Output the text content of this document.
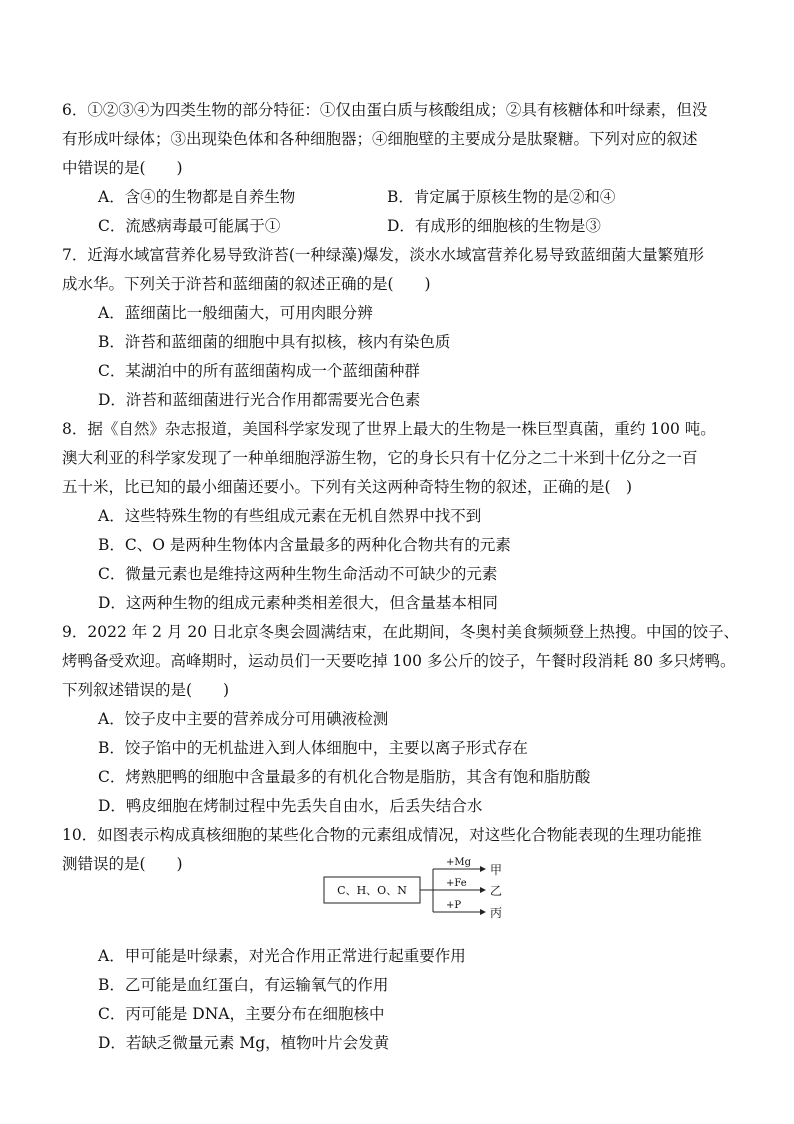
6．①②③④为四类生物的部分特征：①仅由蛋白质与核酸组成；②具有核糖体和叶绿素，但没
有形成叶绿体；③出现染色体和各种细胞器；④细胞壁的主要成分是肽聚糖。下列对应的叙述
中错误的是(　　)
A．含④的生物都是自养生物	B．肯定属于原核生物的是②和④
C．流感病毒最可能属于①	D．有成形的细胞核的生物是③
7．近海水域富营养化易导致浒苔(一种绿藻)爆发，淡水水域富营养化易导致蓝细菌大量繁殖形
成水华。下列关于浒苔和蓝细菌的叙述正确的是(　　)
A．蓝细菌比一般细菌大，可用肉眼分辨
B．浒苔和蓝细菌的细胞中具有拟核，核内有染色质
C．某湖泊中的所有蓝细菌构成一个蓝细菌种群
D．浒苔和蓝细菌进行光合作用都需要光合色素
8．据《自然》杂志报道，美国科学家发现了世界上最大的生物是一株巨型真菌，重约 100 吨。
澳大利亚的科学家发现了一种单细胞浮游生物，它的身长只有十亿分之二十米到十亿分之一百
五十米，比已知的最小细菌还要小。下列有关这两种奇特生物的叙述，正确的是(　)
A．这些特殊生物的有些组成元素在无机自然界中找不到
B．C、O 是两种生物体内含量最多的两种化合物共有的元素
C．微量元素也是维持这两种生物生命活动不可缺少的元素
D．这两种生物的组成元素种类相差很大，但含量基本相同
9．2022 年 2 月 20 日北京冬奥会圆满结束，在此期间，冬奥村美食频频登上热搜。中国的饺子、
烤鸭备受欢迎。高峰期时，运动员们一天要吃掉 100 多公斤的饺子，午餐时段消耗 80 多只烤鸭。
下列叙述错误的是(　　)
A．饺子皮中主要的营养成分可用碘液检测
B．饺子馅中的无机盐进入到人体细胞中，主要以离子形式存在
C．烤熟肥鸭的细胞中含量最多的有机化合物是脂肪，其含有饱和脂肪酸
D．鸭皮细胞在烤制过程中先丢失自由水，后丢失结合水
10．如图表示构成真核细胞的某些化合物的元素组成情况，对这些化合物能表现的生理功能推
测错误的是(　　)
C、H、O、N
+Mg
甲
+Fe
乙
+P
丙
A．甲可能是叶绿素，对光合作用正常进行起重要作用
B．乙可能是血红蛋白，有运输氧气的作用
C．丙可能是 DNA，主要分布在细胞核中
D．若缺乏微量元素 Mg，植物叶片会发黄
